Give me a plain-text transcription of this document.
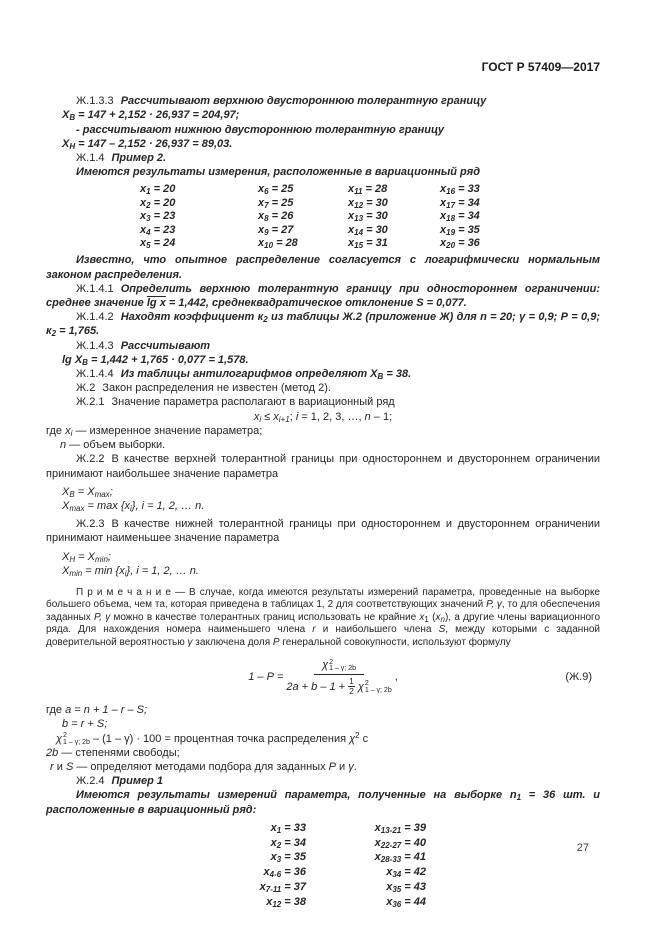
ГОСТ Р 57409—2017

Ж.1.3.3 Рассчитывают верхнюю двустороннюю толерантную границу

$Х_В = 147 + 2,152 \cdot 26,937 = 204,97$;

- рассчитывают нижнюю двустороннюю толерантную границу

$Х_Н = 147 - 2,152 \cdot 26,937 = 89,03$.

Ж.1.4 Пример 2.

Имеются результаты измерения, расположенные в вариационный ряд

$x_1 = 20$	$x_6 = 25$	$x_{11} = 28$	$x_{16} = 33$
$x_2 = 20$	$x_7 = 25$	$x_{12} = 30$	$x_{17} = 34$
$x_3 = 23$	$x_8 = 26$	$x_{13} = 30$	$x_{18} = 34$
$x_4 = 23$	$x_9 = 27$	$x_{14} = 30$	$x_{19} = 35$
$x_5 = 24$	$x_{10} = 28$	$x_{15} = 31$	$x_{20} = 36$

Известно, что опытное распределение согласуется с логарифмически нормальным законом распределения.

Ж.1.4.1 Определить верхнюю толерантную границу при одностороннем ограничении: среднее значение lg x = 1,442, среднеквадратическое отклонение S = 0,077.

Ж.1.4.2 Находят коэффициент $к_2$ из таблицы Ж.2 (приложение Ж) для n = 20; γ = 0,9; Р = 0,9; $к_2 = 1,765$.

Ж.1.4.3 Рассчитывают

$\lg Х_В = 1,442 + 1,765 \cdot 0,077 = 1,578$.

Ж.1.4.4 Из таблицы антилогарифмов определяют $Х_В = 38$.

Ж.2 Закон распределения не известен (метод 2).

Ж.2.1 Значение параметра располагают в вариационный ряд

$x_i \le x_{i+1}$; i = 1, 2, 3, …, n – 1;

где $x_i$ — измеренное значение параметра;

n — объем выборки.

Ж.2.2 В качестве верхней толерантной границы при одностороннем и двустороннем ограничении принимают наибольшее значение параметра

$Х_В = Х_{max}$;

$Х_{max} = \max \{х_i\}$, i = 1, 2, … n.

Ж.2.3 В качестве нижней толерантной границы при одностороннем и двустороннем ограничении принимают наименьшее значение параметра

$Х_Н = Х_{min}$;

$Х_{min} = \min \{х_i\}$, i = 1, 2, … n.

П р и м е ч а н и е — В случае, когда имеются результаты измерений параметра, проведенные на выборке большего объема, чем та, которая приведена в таблицах 1, 2 для соответствующих значений Р, γ, то для обеспечения заданных Р, γ можно в качестве толерантных границ использовать не крайние $х_1$ $(х_n)$, а другие члены вариационного ряда. Для нахождения номера наименьшего члена r и наибольшего члена S, между которыми с заданной доверительной вероятностью γ заключена доля Р генеральной совокупности, используют формулу

1 – Р = χ 2
1 – γ; 2b
$2a + b - 1 + \frac{1}{2}$ χ 2
1 – γ; 2b ,	(Ж.9)

где a = n + 1 – r – S;

b = r + S;

χ 2
1 – γ; 2b – (1 – γ) · 100 = процентная точка распределения $\chi^2$ с

2b — степенями свободы;

r и S — определяют методами подбора для заданных Р и γ.

Ж.2.4 Пример 1

Имеются результаты измерений параметра, полученные на выборке $n_1 = 36$ шт. и расположенные в вариационный ряд:

$x_1 = 33$	$x_{13-21} = 39$
$x_2 = 34$	$x_{22-27} = 40$
$x_3 = 35$	$x_{28-33} = 41$
$x_{4-6} = 36$	$x_{34} = 42$
$x_{7-11} = 37$	$x_{35} = 43$
$x_{12} = 38$	$x_{36} = 44$
27
